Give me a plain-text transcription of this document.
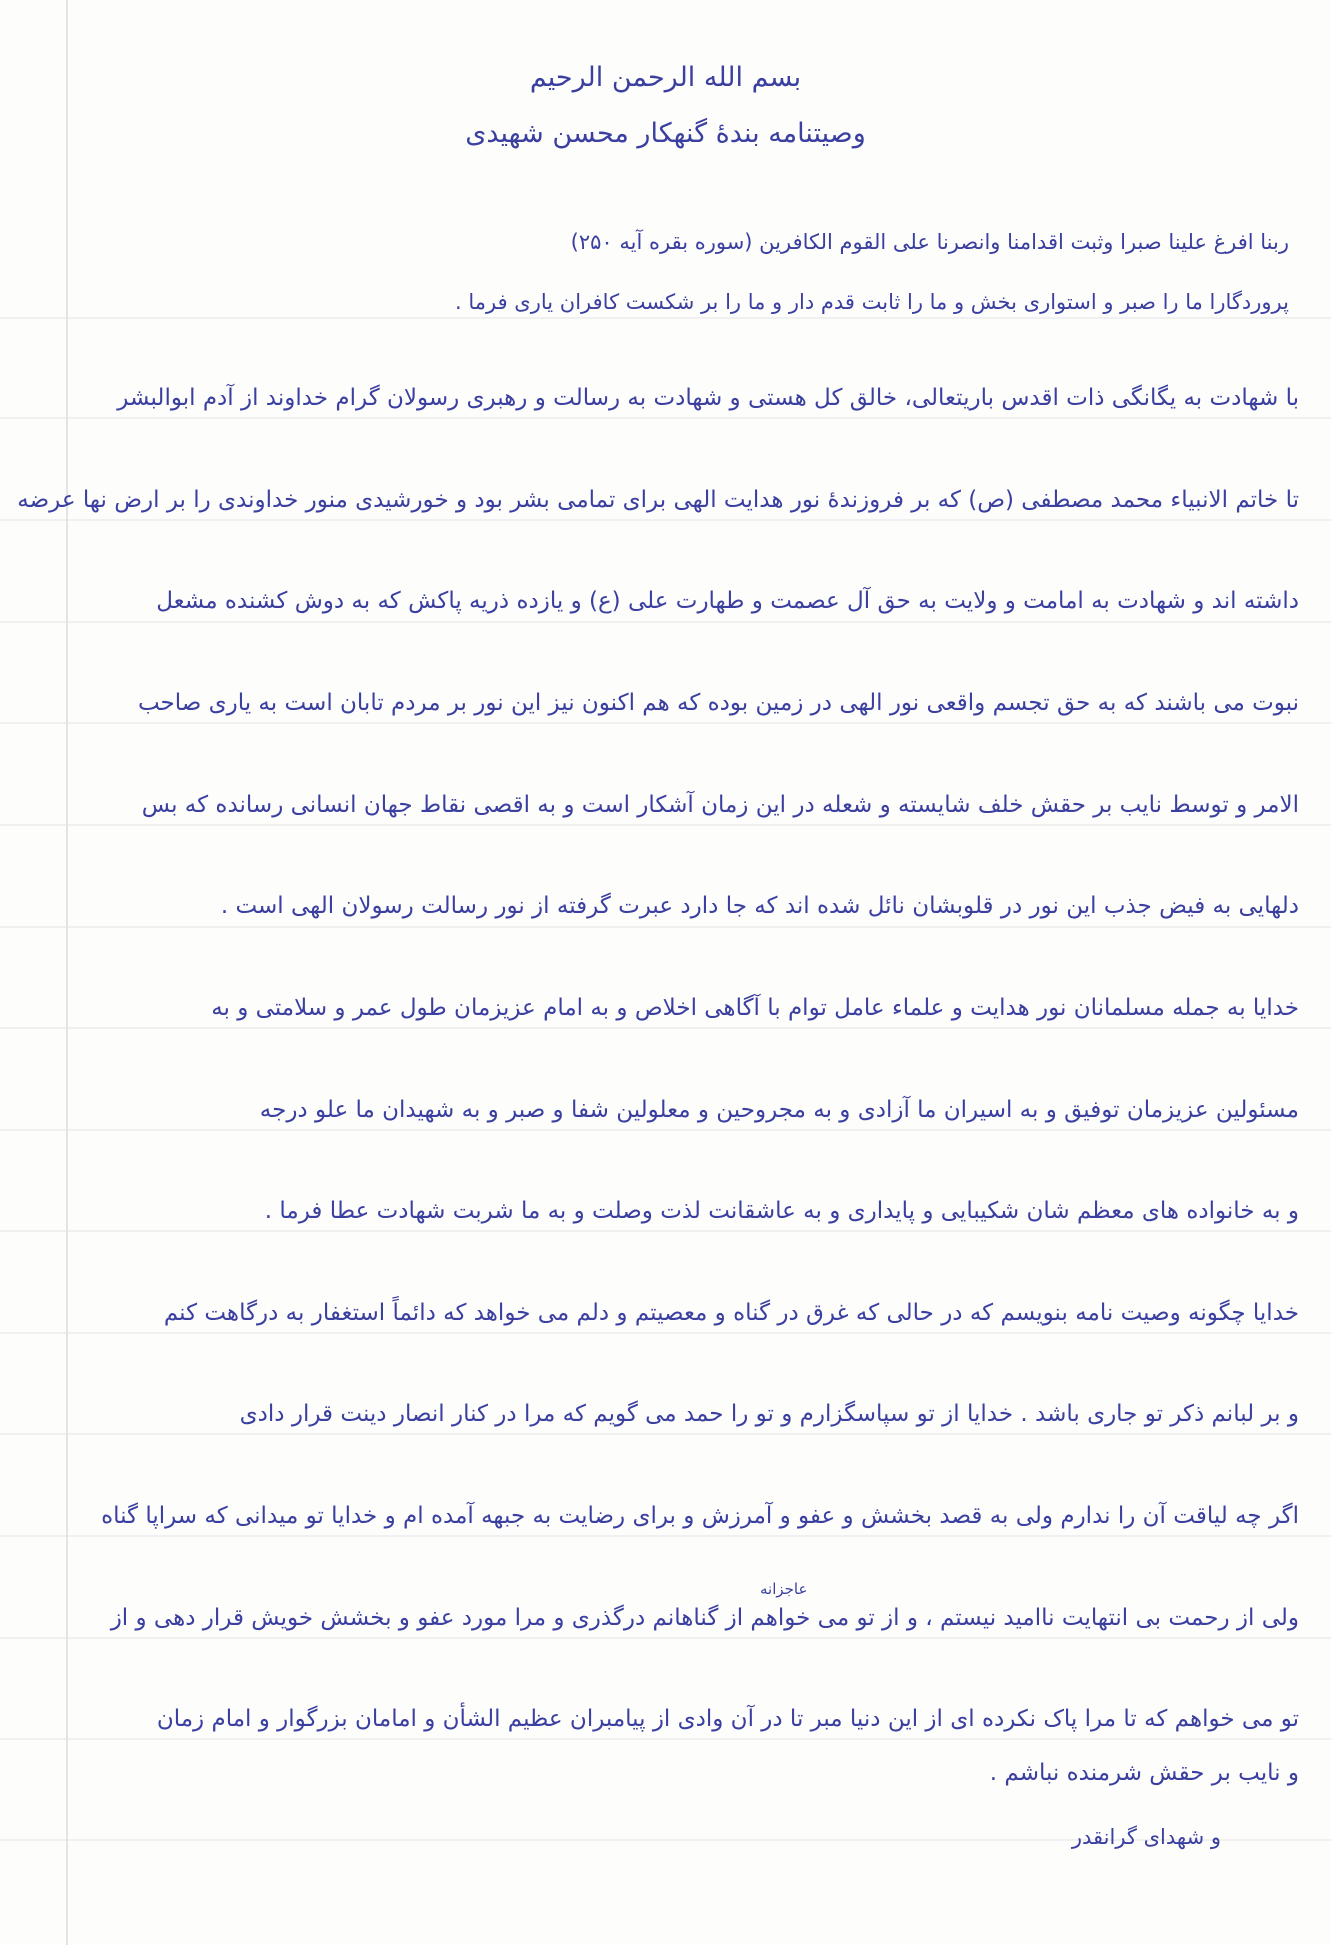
بسم الله الرحمن الرحيم

وصیتنامه بندهٔ گنهکار محسن شهیدی

ربنا افرغ علینا صبرا وثبت اقدامنا وانصرنا علی القوم الکافرین (سوره بقره آیه ۲۵۰)

پروردگارا ما را صبر و استواری بخش و ما را ثابت قدم دار و ما را بر شکست کافران یاری فرما .

با شهادت به یگانگی ذات اقدس باریتعالی، خالق کل هستی و شهادت به رسالت و رهبری رسولان گرام خداوند از آدم ابوالبشر

تا خاتم الانبیاء محمد مصطفی (ص) که بر فروزندهٔ نور هدایت الهی برای تمامی بشر بود و خورشیدی منور خداوندی را بر ارض نها عرضه

داشته اند و شهادت به امامت و ولایت به حق آل عصمت و طهارت علی (ع) و یازده ذریه پاکش که به دوش کشنده مشعل

نبوت می باشند که به حق تجسم واقعی نور الهی در زمین بوده که هم اکنون نیز این نور بر مردم تابان است به یاری صاحب

الامر و توسط نایب بر حقش خلف شایسته و شعله در این زمان آشکار است و به اقصی نقاط جهان انسانی رسانده که بس

دلهایی به فیض جذب این نور در قلوبشان نائل شده اند که جا دارد عبرت گرفته از نور رسالت رسولان الهی است .

خدایا به جمله مسلمانان نور هدایت و علماء عامل توام با آگاهی اخلاص و به امام عزیزمان طول عمر و سلامتی و به

مسئولین عزیزمان توفیق و به اسیران ما آزادی و به مجروحین و معلولین شفا و صبر و به شهیدان ما علو درجه

و به خانواده های معظم شان شکیبایی و پایداری و به عاشقانت لذت وصلت و به ما شربت شهادت عطا فرما .

خدایا چگونه وصیت نامه بنویسم که در حالی که غرق در گناه و معصیتم و دلم می خواهد که دائماً استغفار به درگاهت کنم

و بر لبانم ذکر تو جاری باشد . خدایا از تو سپاسگزارم و تو را حمد می گویم که مرا در کنار انصار دینت قرار دادی

اگر چه لیاقت آن را ندارم ولی به قصد بخشش و عفو و آمرزش و برای رضایت به جبهه آمده ام و خدایا تو میدانی که سراپا گناه

عاجزانه

ولی از رحمت بی انتهایت ناامید نیستم ، و از تو می خواهم از گناهانم درگذری و مرا مورد عفو و بخشش خویش قرار دهی و از

تو می خواهم که تا مرا پاک نکرده ای از این دنیا مبر تا در آن وادی از پیامبران عظیم الشأن و امامان بزرگوار و امام زمان

و نایب بر حقش شرمنده نباشم .

و شهدای گرانقدر
